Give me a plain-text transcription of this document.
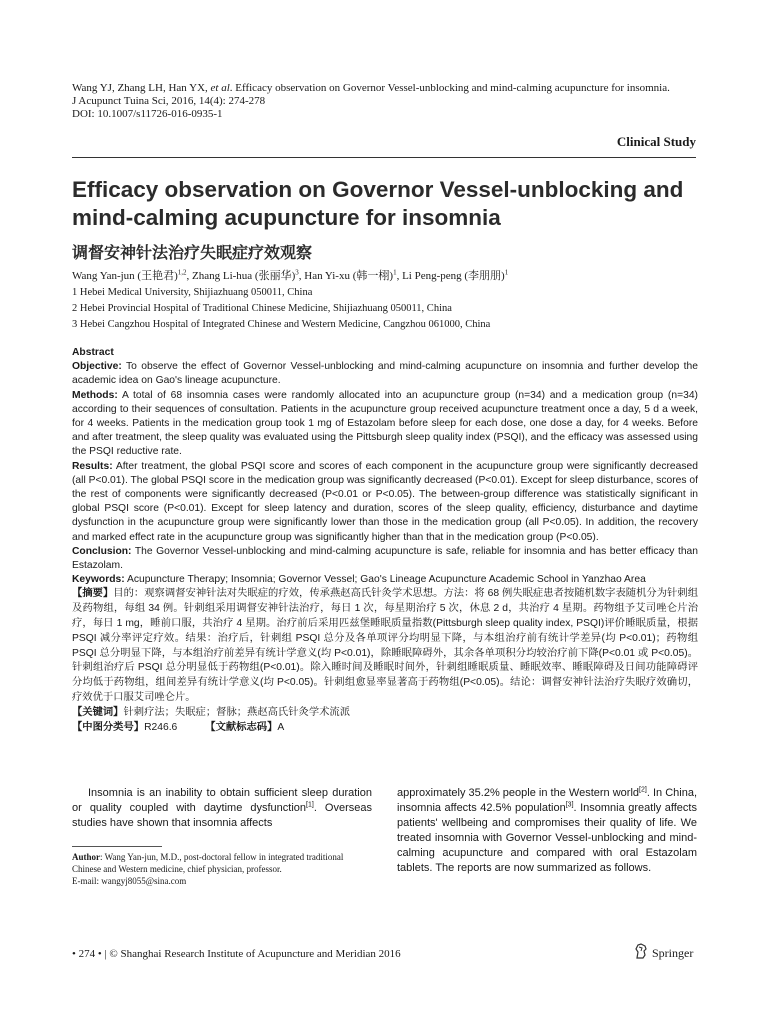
Wang YJ, Zhang LH, Han YX, et al. Efficacy observation on Governor Vessel-unblocking and mind-calming acupuncture for insomnia.
J Acupunct Tuina Sci, 2016, 14(4): 274-278
DOI: 10.1007/s11726-016-0935-1
Clinical Study
Efficacy observation on Governor Vessel-unblocking and mind-calming acupuncture for insomnia
调督安神针法治疗失眠症疗效观察
Wang Yan-jun (王艳君)$^{1,2}$, Zhang Li-hua (张丽华)$^3$, Han Yi-xu (韩一栩)$^1$, Li Peng-peng (李朋朋)$^1$
1 Hebei Medical University, Shijiazhuang 050011, China
2 Hebei Provincial Hospital of Traditional Chinese Medicine, Shijiazhuang 050011, China
3 Hebei Cangzhou Hospital of Integrated Chinese and Western Medicine, Cangzhou 061000, China

Abstract

Objective: To observe the effect of Governor Vessel-unblocking and mind-calming acupuncture on insomnia and further develop the academic idea on Gao's lineage acupuncture.

Methods: A total of 68 insomnia cases were randomly allocated into an acupuncture group (n=34) and a medication group (n=34) according to their sequences of consultation. Patients in the acupuncture group received acupuncture treatment once a day, 5 d a week, for 4 weeks. Patients in the medication group took 1 mg of Estazolam before sleep for each dose, one dose a day, for 4 weeks. Before and after treatment, the sleep quality was evaluated using the Pittsburgh sleep quality index (PSQI), and the efficacy was assessed using the PSQI reductive rate.

Results: After treatment, the global PSQI score and scores of each component in the acupuncture group were significantly decreased (all P<0.01). The global PSQI score in the medication group was significantly decreased (P<0.01). Except for sleep disturbance, scores of the rest of components were significantly decreased (P<0.01 or P<0.05). The between-group difference was statistically significant in global PSQI score (P<0.01). Except for sleep latency and duration, scores of the sleep quality, efficiency, disturbance and daytime dysfunction in the acupuncture group were significantly lower than those in the medication group (all P<0.05). In addition, the recovery and marked effect rate in the acupuncture group was significantly higher than that in the medication group (P<0.05).

Conclusion: The Governor Vessel-unblocking and mind-calming acupuncture is safe, reliable for insomnia and has better efficacy than Estazolam.

Keywords: Acupuncture Therapy; Insomnia; Governor Vessel; Gao's Lineage Acupuncture Academic School in Yanzhao Area

【摘要】目的：观察调督安神针法对失眠症的疗效，传承燕赵高氏针灸学术思想。方法：将 68 例失眠症患者按随机数字表随机分为针刺组及药物组，每组 34 例。针刺组采用调督安神针法治疗，每日 1 次，每星期治疗 5 次，休息 2 d，共治疗 4 星期。药物组予艾司唑仑片治疗，每日 1 mg，睡前口服，共治疗 4 星期。治疗前后采用匹兹堡睡眠质量指数(Pittsburgh sleep quality index, PSQI)评价睡眠质量，根据 PSQI 减分率评定疗效。结果：治疗后，针刺组 PSQI 总分及各单项评分均明显下降，与本组治疗前有统计学差异(均 P<0.01)；药物组 PSQI 总分明显下降，与本组治疗前差异有统计学意义(均 P<0.01)，除睡眠障碍外，其余各单项积分均较治疗前下降(P<0.01 或 P<0.05)。针刺组治疗后 PSQI 总分明显低于药物组(P<0.01)。除入睡时间及睡眠时间外，针刺组睡眠质量、睡眠效率、睡眠障碍及日间功能障碍评分均低于药物组，组间差异有统计学意义(均 P<0.05)。针刺组愈显率显著高于药物组(P<0.05)。结论：调督安神针法治疗失眠疗效确切，疗效优于口服艾司唑仑片。

【关键词】针刺疗法；失眠症；督脉；燕赵高氏针灸学术流派

【中图分类号】R246.6	【文献标志码】A

Insomnia is an inability to obtain sufficient sleep duration or quality coupled with daytime dysfunction[1]. Overseas studies have shown that insomnia affects

approximately 35.2% people in the Western world[2]. In China, insomnia affects 42.5% population[3]. Insomnia greatly affects patients' wellbeing and compromises their quality of life. We treated insomnia with Governor Vessel-unblocking and mind-calming acupuncture and compared with oral Estazolam tablets. The reports are now summarized as follows.

Author: Wang Yan-jun, M.D., post-doctoral fellow in integrated traditional
Chinese and Western medicine, chief physician, professor.
E-mail: wangyj8055@sina.com
• 274 • | © Shanghai Research Institute of Acupuncture and Meridian 2016	Springer
